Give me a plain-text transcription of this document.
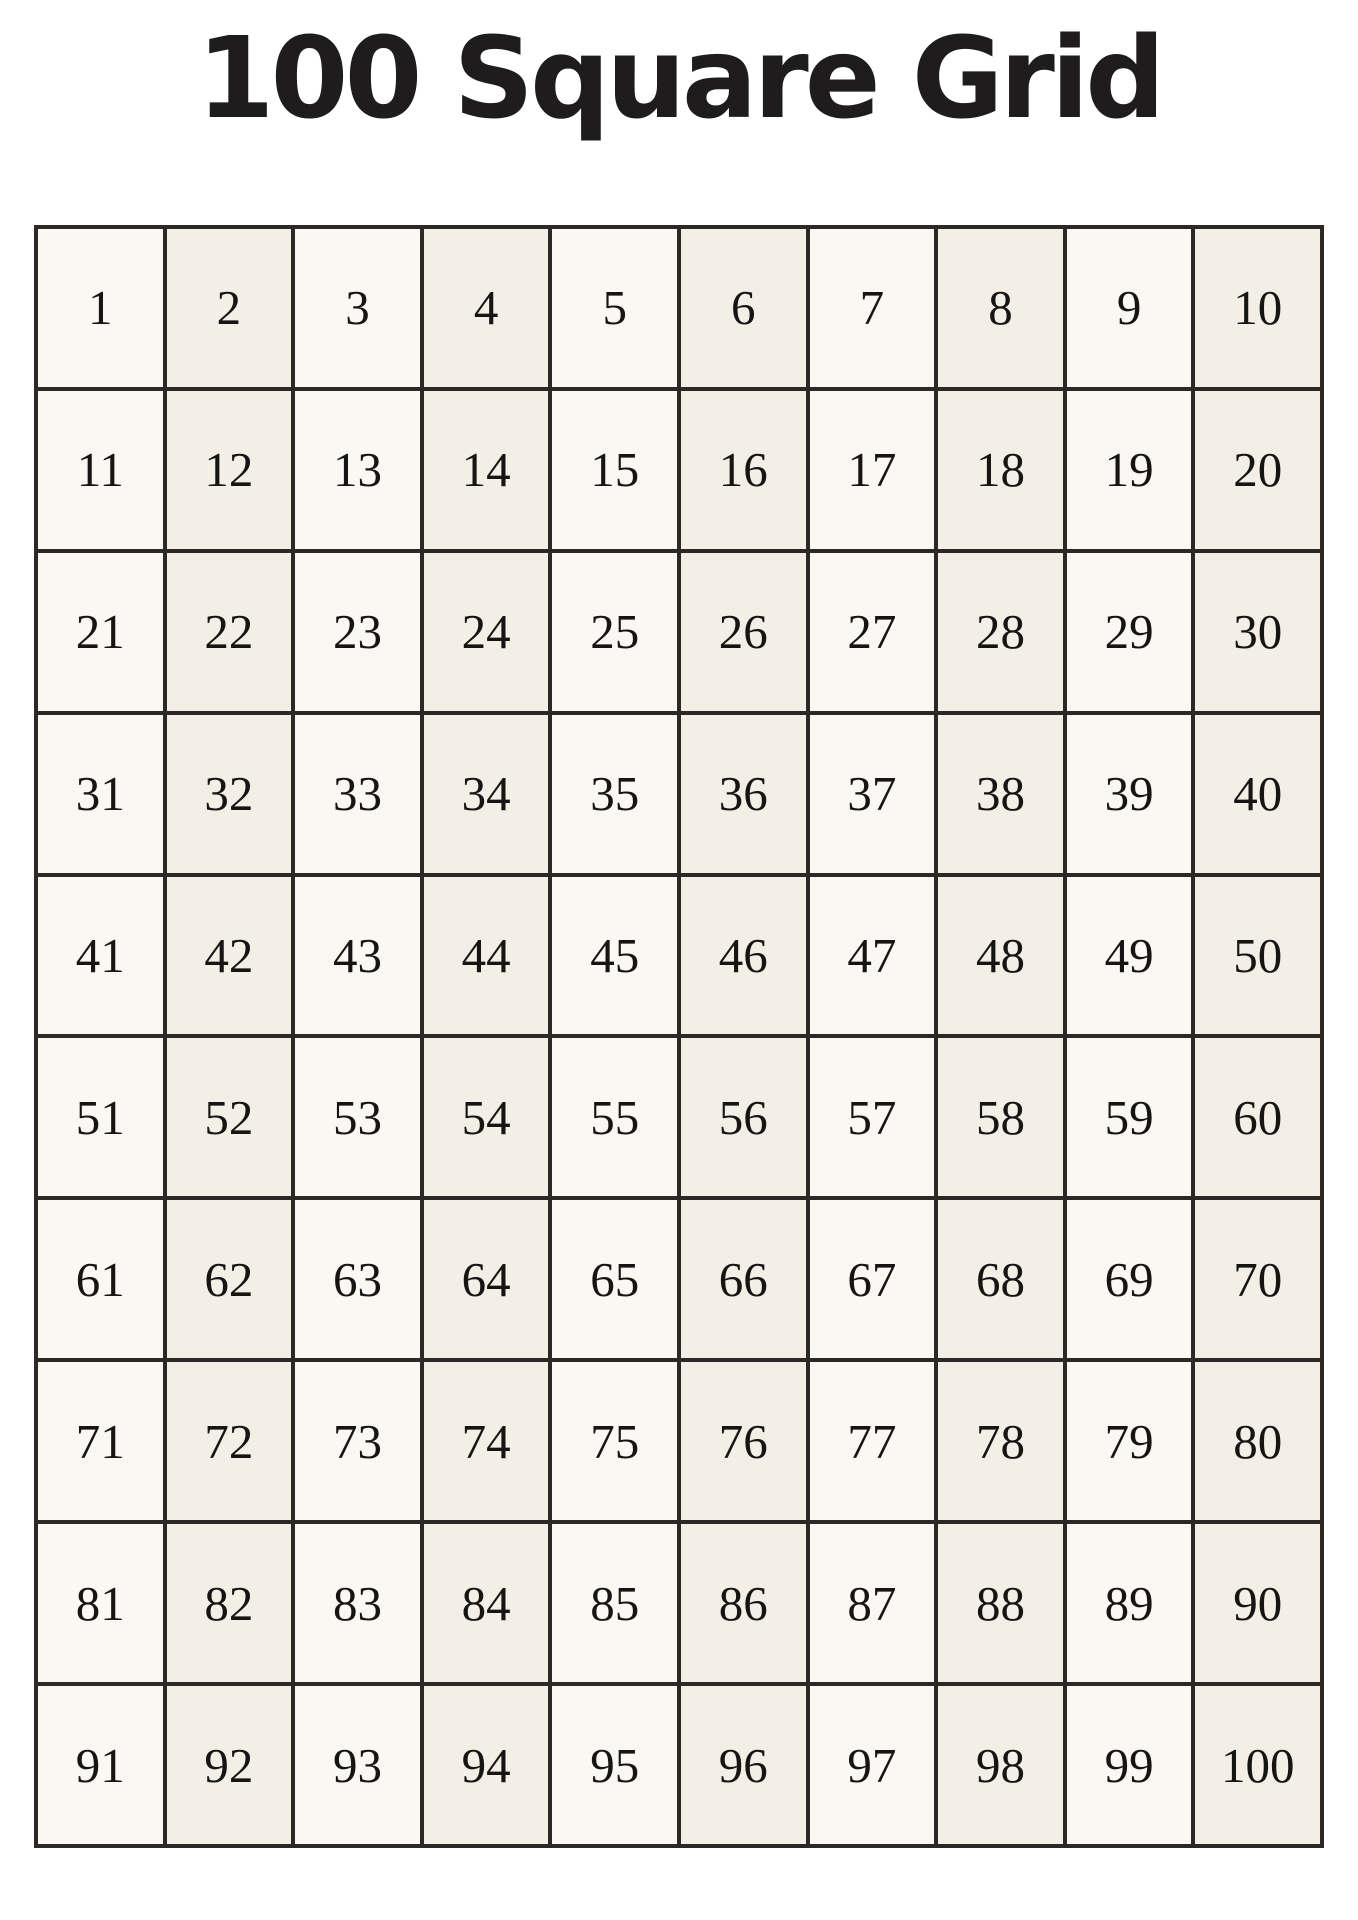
100 Square Grid
1	2	3	4	5	6	7	8	9	10
11	12	13	14	15	16	17	18	19	20
21	22	23	24	25	26	27	28	29	30
31	32	33	34	35	36	37	38	39	40
41	42	43	44	45	46	47	48	49	50
51	52	53	54	55	56	57	58	59	60
61	62	63	64	65	66	67	68	69	70
71	72	73	74	75	76	77	78	79	80
81	82	83	84	85	86	87	88	89	90
91	92	93	94	95	96	97	98	99	100
